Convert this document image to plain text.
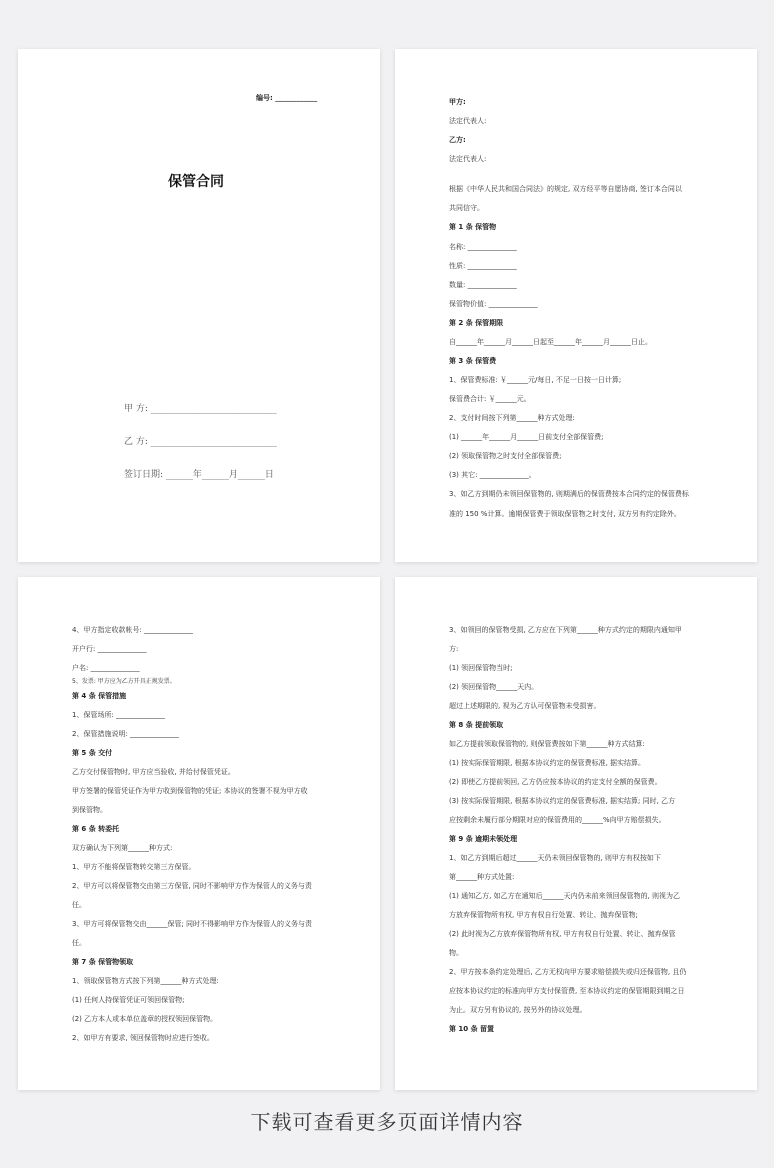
编号: ____________
保管合同
甲 方: ____________________________
乙 方: ____________________________
签订日期: ______年______月______日
甲方:
法定代表人:
乙方:
法定代表人:
根据《中华人民共和国合同法》的规定, 双方经平等自愿协商, 签订本合同以
共同信守。
第 1 条 保管物
名称: ______________
性质: ______________
数量: ______________
保管物价值: ______________
第 2 条 保管期限
自______年______月______日起至______年______月______日止。
第 3 条 保管费
1、保管费标准: ￥______元/每日, 不足一日按一日计算;
保管费合计: ￥______元。
2、支付时间按下列第______种方式处理:
(1) ______年______月______日前支付全部保管费;
(2) 领取保管物之时支付全部保管费;
(3) 其它: ______________。
3、如乙方到期仍未领回保管物的, 则期满后的保管费按本合同约定的保管费标
准的 150 %计算。逾期保管费于领取保管物之时支付, 双方另有约定除外。
4、甲方指定收款帐号: ______________
开户行: ______________
户名: ______________
5、发票: 甲方应为乙方开具正规发票。
第 4 条 保管措施
1、保管场所: ______________
2、保管措施说明: ______________
第 5 条 交付
乙方交付保管物时, 甲方应当验收, 并给付保管凭证。
甲方签署的保管凭证作为甲方收到保管物的凭证; 本协议的签署不视为甲方收
到保管物。
第 6 条 转委托
双方确认为下列第______种方式:
1、甲方不能将保管物转交第三方保管。
2、甲方可以将保管物交由第三方保管, 同时不影响甲方作为保管人的义务与责
任。
3、甲方可将保管物交由______保管; 同时不得影响甲方作为保管人的义务与责
任。
第 7 条 保管物领取
1、领取保管物方式按下列第______种方式处理:
(1) 任何人持保管凭证可领回保管物;
(2) 乙方本人或本单位盖章的授权领回保管物。
2、如甲方有要求, 领回保管物时应进行签收。
3、如领回的保管物受损, 乙方应在下列第______种方式约定的期限内通知甲
方:
(1) 领回保管物当时;
(2) 领回保管物______天内。
超过上述期限的, 视为乙方认可保管物未受损害。
第 8 条 提前领取
如乙方提前领取保管物的, 则保管费按如下第______种方式结算:
(1) 按实际保管期限, 根据本协议约定的保管费标准, 据实结算。
(2) 即使乙方提前领回, 乙方仍应按本协议的约定支付全额的保管费。
(3) 按实际保管期限, 根据本协议约定的保管费标准, 据实结算; 同时, 乙方
应按剩余未履行部分期限对应的保管费用的______%向甲方赔偿损失。
第 9 条 逾期未领处理
1、如乙方到期后超过______天仍未领回保管物的, 则甲方有权按如下
第______种方式处置:
(1) 通知乙方, 如乙方在通知后______天内仍未前来领回保管物的, 则视为乙
方放弃保管物所有权, 甲方有权自行处置、转让、抛弃保管物;
(2) 此时视为乙方放弃保管物所有权, 甲方有权自行处置、转让、抛弃保管
物。
2、甲方按本条约定处理后, 乙方无权向甲方要求赔偿损失或归还保管物, 且仍
应按本协议约定的标准向甲方支付保管费, 至本协议约定的保管期限到期之日
为止。双方另有协议的, 按另外的协议处理。
第 10 条 留置
下载可查看更多页面详情内容
